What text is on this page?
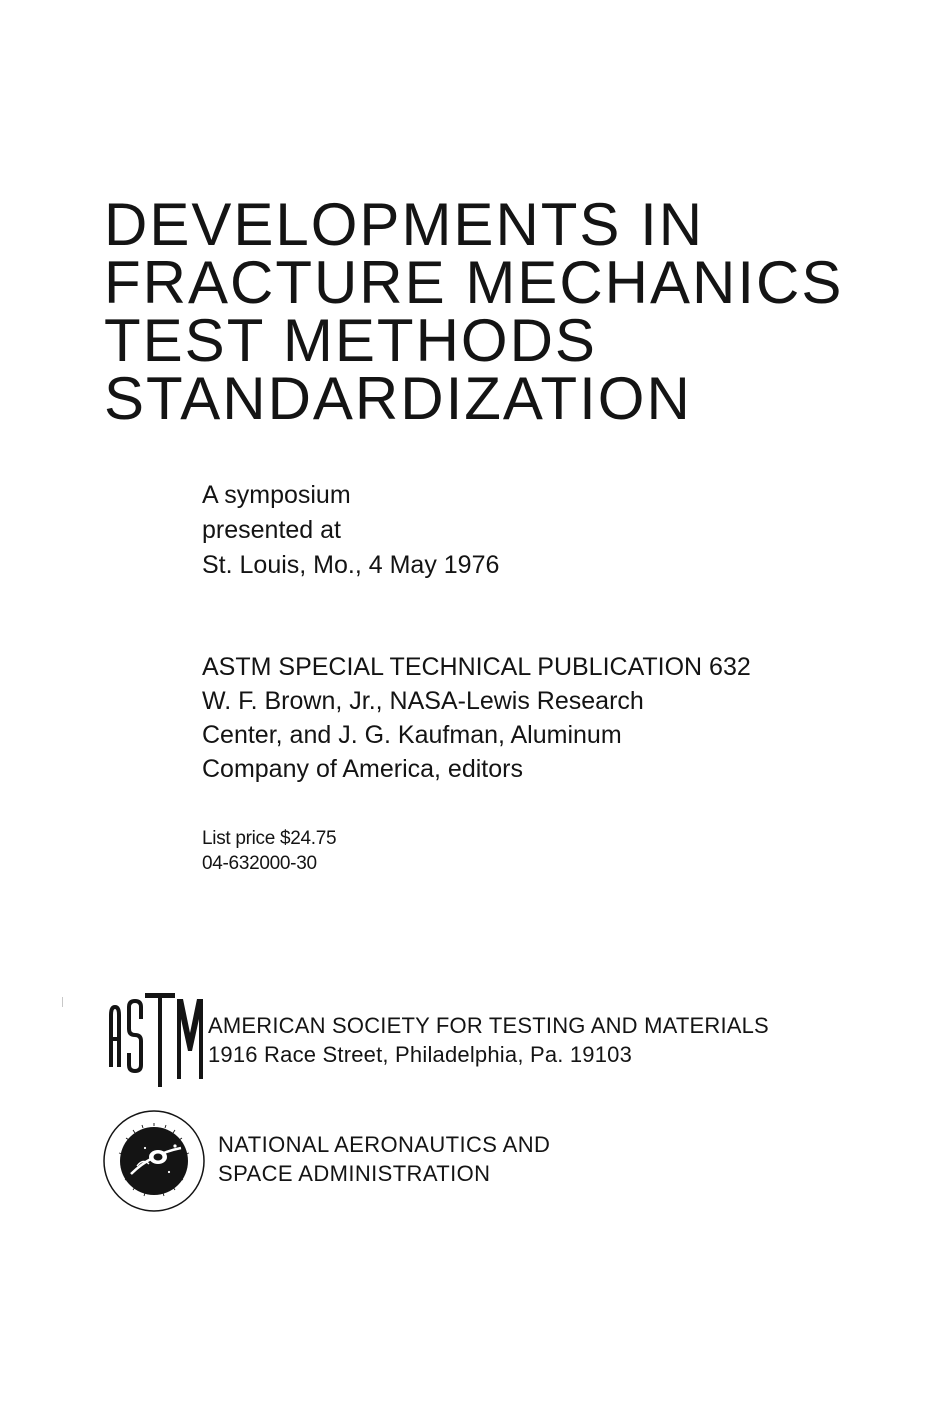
DEVELOPMENTS IN
FRACTURE MECHANICS
TEST METHODS
STANDARDIZATION
A symposium
presented at
St. Louis, Mo., 4 May 1976
ASTM SPECIAL TECHNICAL PUBLICATION 632
W. F. Brown, Jr., NASA-Lewis Research
Center, and J. G. Kaufman, Aluminum
Company of America, editors
List price $24.75
04-632000-30
AMERICAN SOCIETY FOR TESTING AND MATERIALS
1916 Race Street, Philadelphia, Pa. 19103
NATIONAL AERONAUTICS AND
SPACE ADMINISTRATION
